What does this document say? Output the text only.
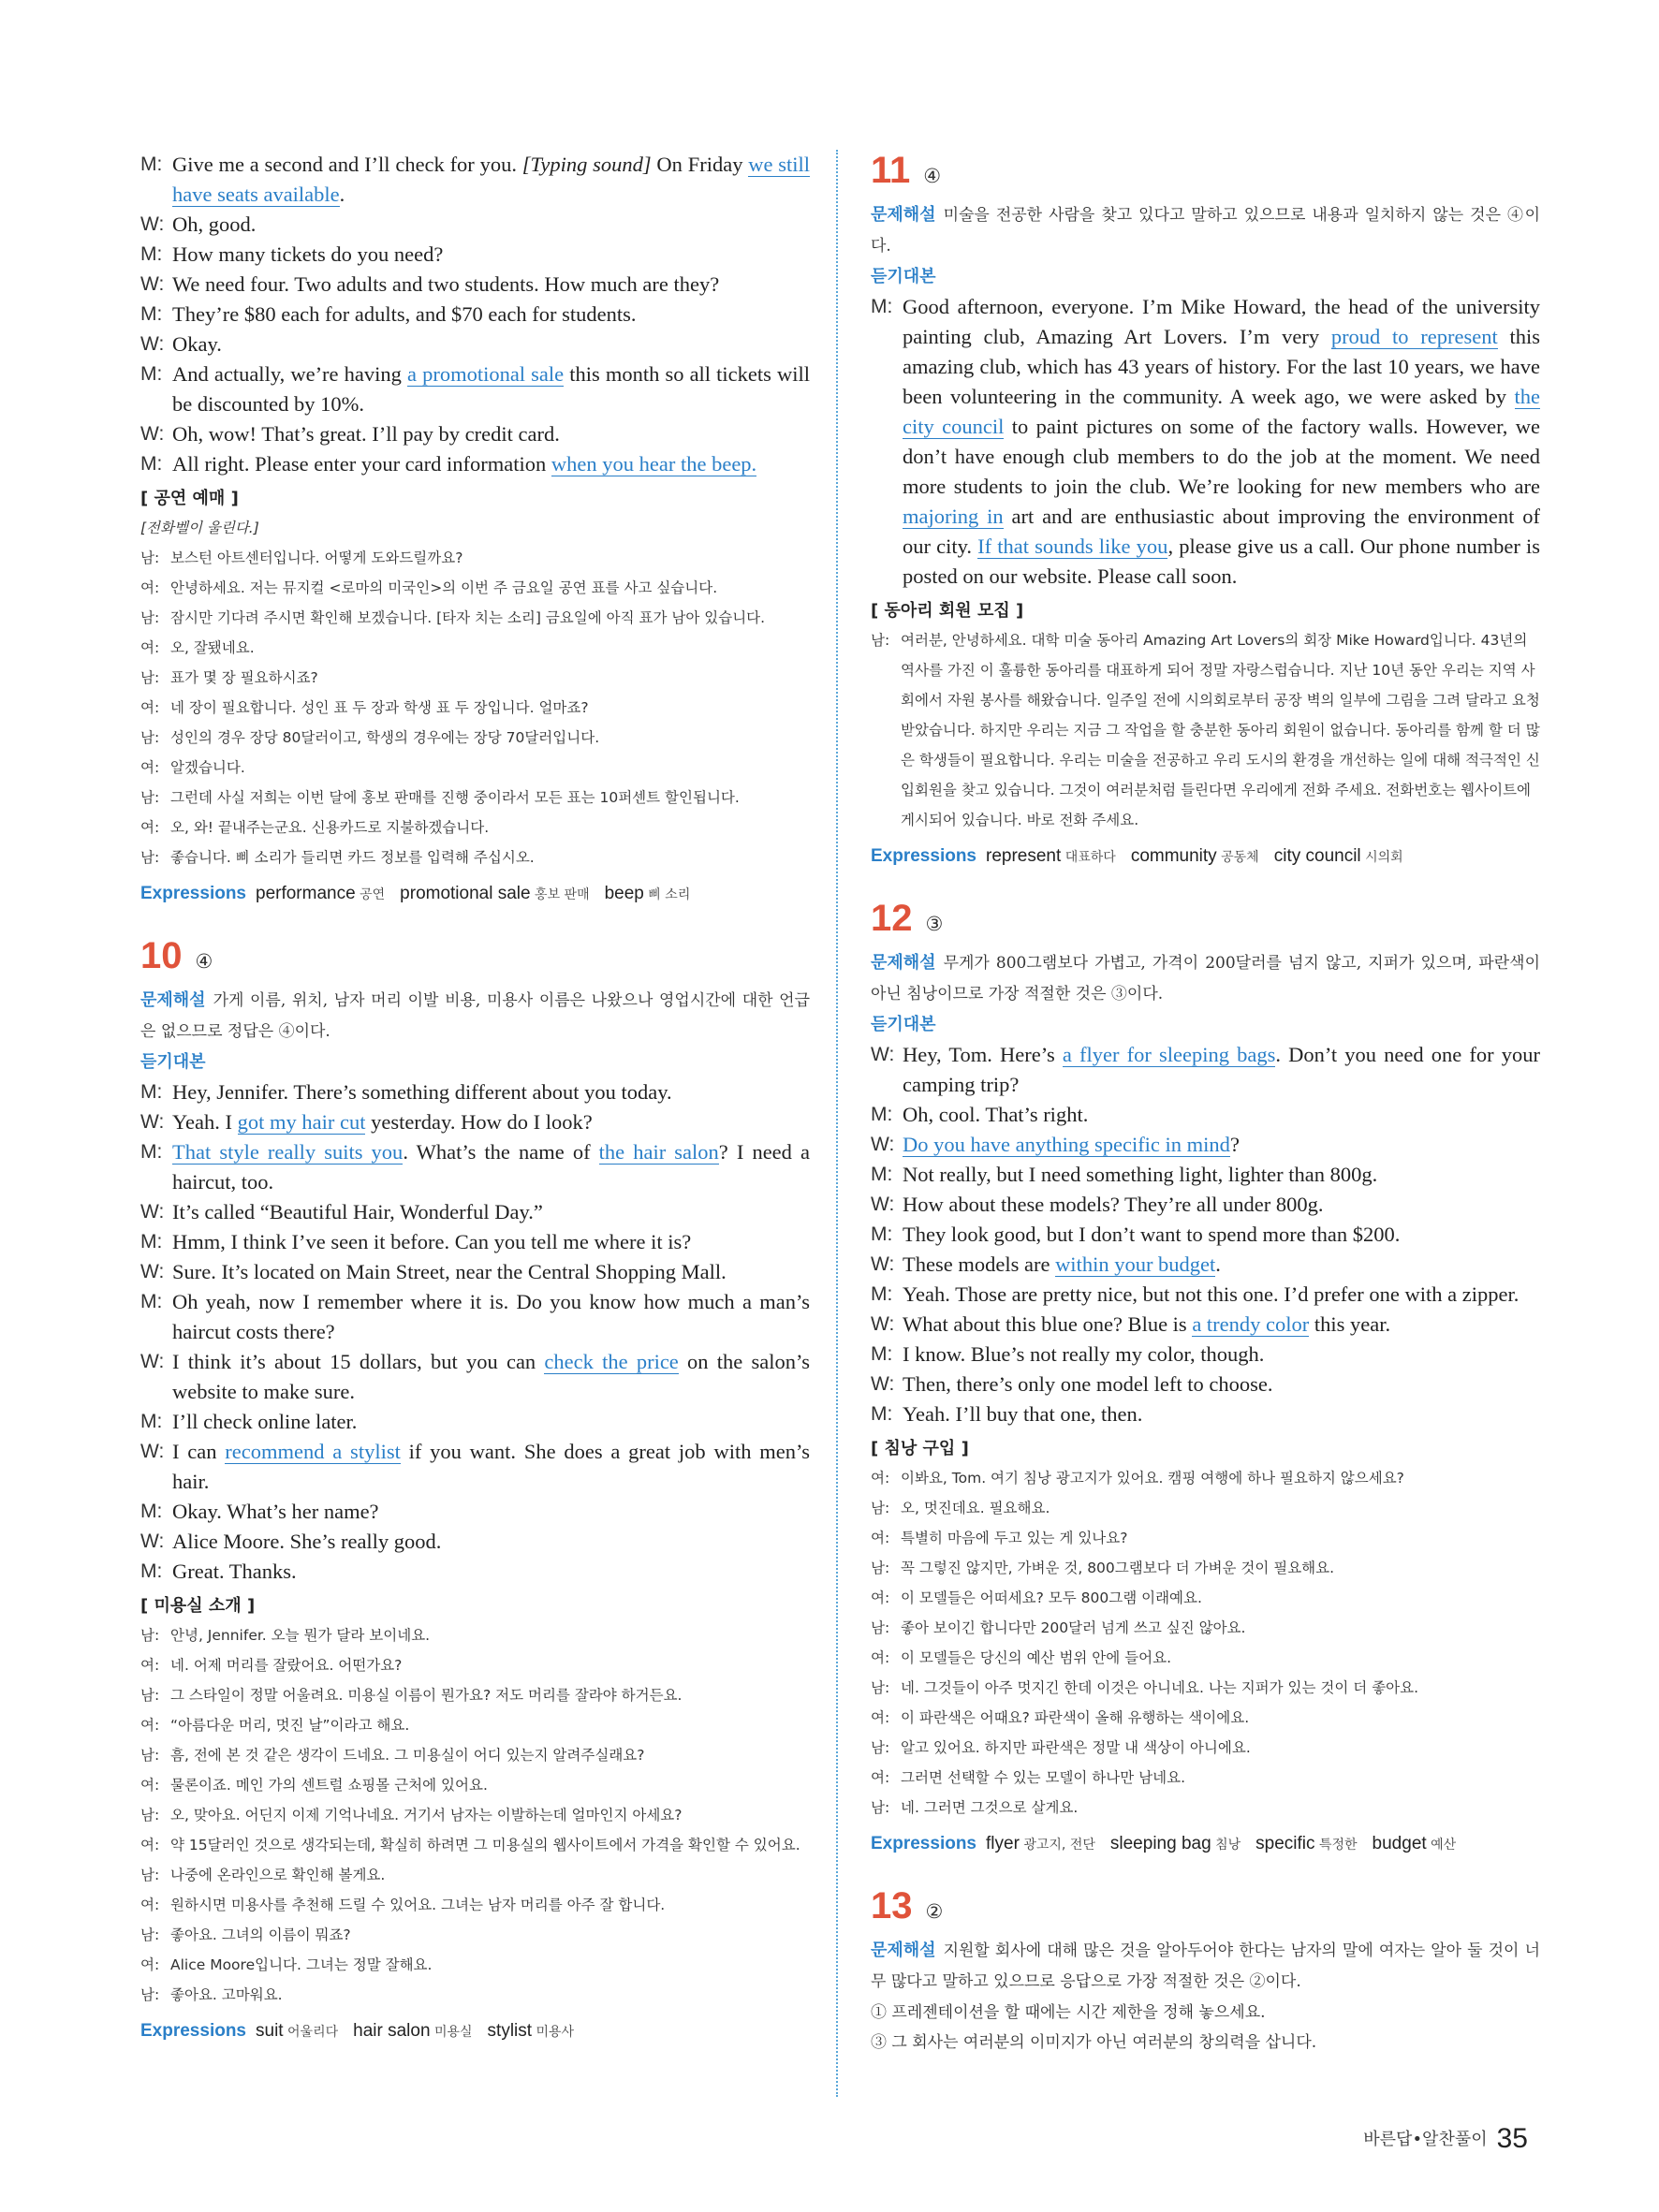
M: Give me a second and I’ll check for you. [Typing sound] On Friday we still have seats available.
W: Oh, good.
M: How many tickets do you need?
W: We need four. Two adults and two students. How much are they?
M: They’re $80 each for adults, and $70 each for students.
W: Okay.
M: And actually, we’re having a promotional sale this month so all tickets will be discounted by 10%.
W: Oh, wow! That’s great. I’ll pay by credit card.
M: All right. Please enter your card information when you hear the beep.
[ 공연 예매 ]
[전화벨이 울린다.]
남: 보스턴 아트센터입니다. 어떻게 도와드릴까요?
여: 안녕하세요. 저는 뮤지컬 <로마의 미국인>의 이번 주 금요일 공연 표를 사고 싶습니다.
남: 잠시만 기다려 주시면 확인해 보겠습니다. [타자 치는 소리] 금요일에 아직 표가 남아 있습니다.
여: 오, 잘됐네요.
남: 표가 몇 장 필요하시죠?
여: 네 장이 필요합니다. 성인 표 두 장과 학생 표 두 장입니다. 얼마죠?
남: 성인의 경우 장당 80달러이고, 학생의 경우에는 장당 70달러입니다.
여: 알겠습니다.
남: 그런데 사실 저희는 이번 달에 홍보 판매를 진행 중이라서 모든 표는 10퍼센트 할인됩니다.
여: 오, 와! 끝내주는군요. 신용카드로 지불하겠습니다.
남: 좋습니다. 삐 소리가 들리면 카드 정보를 입력해 주십시오.
Expressions performance 공연 promotional sale 홍보 판매 beep 삐 소리
10 ④
문제해설 가게 이름, 위치, 남자 머리 이발 비용, 미용사 이름은 나왔으나 영업시간에 대한 언급은 없으므로 정답은 ④이다.
듣기대본
M: Hey, Jennifer. There’s something different about you today.
W: Yeah. I got my hair cut yesterday. How do I look?
M: That style really suits you. What’s the name of the hair salon? I need a haircut, too.
W: It’s called “Beautiful Hair, Wonderful Day.”
M: Hmm, I think I’ve seen it before. Can you tell me where it is?
W: Sure. It’s located on Main Street, near the Central Shopping Mall.
M: Oh yeah, now I remember where it is. Do you know how much a man’s haircut costs there?
W: I think it’s about 15 dollars, but you can check the price on the salon’s website to make sure.
M: I’ll check online later.
W: I can recommend a stylist if you want. She does a great job with men’s hair.
M: Okay. What’s her name?
W: Alice Moore. She’s really good.
M: Great. Thanks.
[ 미용실 소개 ]
남: 안녕, Jennifer. 오늘 뭔가 달라 보이네요.
여: 네. 어제 머리를 잘랐어요. 어떤가요?
남: 그 스타일이 정말 어울려요. 미용실 이름이 뭔가요? 저도 머리를 잘라야 하거든요.
여: “아름다운 머리, 멋진 날”이라고 해요.
남: 흠, 전에 본 것 같은 생각이 드네요. 그 미용실이 어디 있는지 알려주실래요?
여: 물론이죠. 메인 가의 센트럴 쇼핑몰 근처에 있어요.
남: 오, 맞아요. 어딘지 이제 기억나네요. 거기서 남자는 이발하는데 얼마인지 아세요?
여: 약 15달러인 것으로 생각되는데, 확실히 하려면 그 미용실의 웹사이트에서 가격을 확인할 수 있어요.
남: 나중에 온라인으로 확인해 볼게요.
여: 원하시면 미용사를 추천해 드릴 수 있어요. 그녀는 남자 머리를 아주 잘 합니다.
남: 좋아요. 그녀의 이름이 뭐죠?
여: Alice Moore입니다. 그녀는 정말 잘해요.
남: 좋아요. 고마워요.
Expressions suit 어울리다 hair salon 미용실 stylist 미용사
11 ④
문제해설 미술을 전공한 사람을 찾고 있다고 말하고 있으므로 내용과 일치하지 않는 것은 ④이다.
듣기대본
M: Good afternoon, everyone. I’m Mike Howard, the head of the university painting club, Amazing Art Lovers. I’m very proud to represent this amazing club, which has 43 years of history. For the last 10 years, we have been volunteering in the community. A week ago, we were asked by the city council to paint pictures on some of the factory walls. However, we don’t have enough club members to do the job at the moment. We need more students to join the club. We’re looking for new members who are majoring in art and are enthusiastic about improving the environment of our city. If that sounds like you, please give us a call. Our phone number is posted on our website. Please call soon.
[ 동아리 회원 모집 ]
남: 여러분, 안녕하세요. 대학 미술 동아리 Amazing Art Lovers의 회장 Mike Howard입니다. 43년의 역사를 가진 이 훌륭한 동아리를 대표하게 되어 정말 자랑스럽습니다. 지난 10년 동안 우리는 지역 사회에서 자원 봉사를 해왔습니다. 일주일 전에 시의회로부터 공장 벽의 일부에 그림을 그려 달라고 요청받았습니다. 하지만 우리는 지금 그 작업을 할 충분한 동아리 회원이 없습니다. 동아리를 함께 할 더 많은 학생들이 필요합니다. 우리는 미술을 전공하고 우리 도시의 환경을 개선하는 일에 대해 적극적인 신입회원을 찾고 있습니다. 그것이 여러분처럼 들린다면 우리에게 전화 주세요. 전화번호는 웹사이트에 게시되어 있습니다. 바로 전화 주세요.
Expressions represent 대표하다 community 공동체 city council 시의회
12 ③
문제해설 무게가 800그램보다 가볍고, 가격이 200달러를 넘지 않고, 지퍼가 있으며, 파란색이 아닌 침낭이므로 가장 적절한 것은 ③이다.
듣기대본
W: Hey, Tom. Here’s a flyer for sleeping bags. Don’t you need one for your camping trip?
M: Oh, cool. That’s right.
W: Do you have anything specific in mind?
M: Not really, but I need something light, lighter than 800g.
W: How about these models? They’re all under 800g.
M: They look good, but I don’t want to spend more than $200.
W: These models are within your budget.
M: Yeah. Those are pretty nice, but not this one. I’d prefer one with a zipper.
W: What about this blue one? Blue is a trendy color this year.
M: I know. Blue’s not really my color, though.
W: Then, there’s only one model left to choose.
M: Yeah. I’ll buy that one, then.
[ 침낭 구입 ]
여: 이봐요, Tom. 여기 침낭 광고지가 있어요. 캠핑 여행에 하나 필요하지 않으세요?
남: 오, 멋진데요. 필요해요.
여: 특별히 마음에 두고 있는 게 있나요?
남: 꼭 그렇진 않지만, 가벼운 것, 800그램보다 더 가벼운 것이 필요해요.
여: 이 모델들은 어떠세요? 모두 800그램 이래예요.
남: 좋아 보이긴 합니다만 200달러 넘게 쓰고 싶진 않아요.
여: 이 모델들은 당신의 예산 범위 안에 들어요.
남: 네. 그것들이 아주 멋지긴 한데 이것은 아니네요. 나는 지퍼가 있는 것이 더 좋아요.
여: 이 파란색은 어때요? 파란색이 올해 유행하는 색이에요.
남: 알고 있어요. 하지만 파란색은 정말 내 색상이 아니에요.
여: 그러면 선택할 수 있는 모델이 하나만 남네요.
남: 네. 그러면 그것으로 살게요.
Expressions flyer 광고지, 전단 sleeping bag 침낭 specific 특정한 budget 예산
13 ②
문제해설 지원할 회사에 대해 많은 것을 알아두어야 한다는 남자의 말에 여자는 알아 둘 것이 너무 많다고 말하고 있으므로 응답으로 가장 적절한 것은 ②이다.
① 프레젠테이션을 할 때에는 시간 제한을 정해 놓으세요.
③ 그 회사는 여러분의 이미지가 아닌 여러분의 창의력을 삽니다.
바른답•알찬풀이 35
